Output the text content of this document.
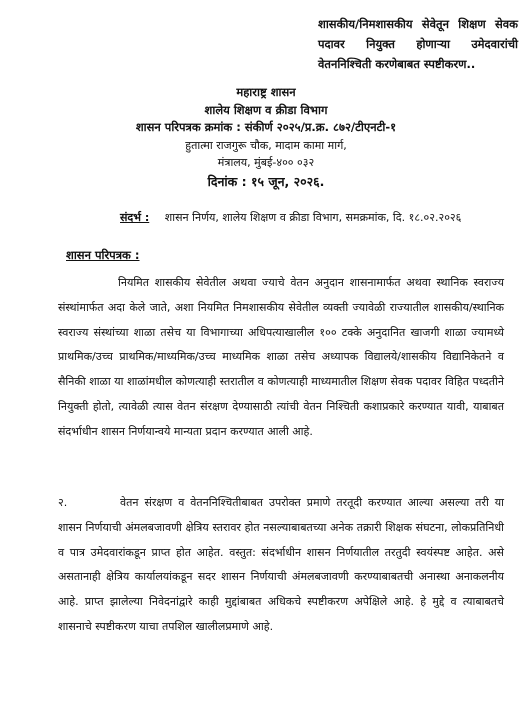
शासकीय/निमशासकीय सेवेतून शिक्षण सेवक पदावर नियुक्त होणाऱ्या उमेदवारांची वेतननिश्चिती करणेबाबत स्पष्टीकरण..
महाराष्ट्र शासन
शालेय शिक्षण व क्रीडा विभाग
शासन परिपत्रक क्रमांक : संकीर्ण २०२५/प्र.क्र. ८७२/टीएनटी-१
हुतात्मा राजगुरू चौक, मादाम कामा मार्ग,
मंत्रालय, मुंबई-४०० ०३२
दिनांक : १५ जून, २०२६.
संदर्भ : शासन निर्णय, शालेय शिक्षण व क्रीडा विभाग, समक्रमांक, दि. १८.०२.२०२६
शासन परिपत्रक :
नियमित शासकीय सेवेतील अथवा ज्याचे वेतन अनुदान शासनामार्फत अथवा स्थानिक स्वराज्य संस्थांमार्फत अदा केले जाते, अशा नियमित निमशासकीय सेवेतील व्यक्ती ज्यावेळी राज्यातील शासकीय/स्थानिक स्वराज्य संस्थांच्या शाळा तसेच या विभागाच्या अधिपत्याखालील १०० टक्के अनुदानित खाजगी शाळा ज्यामध्ये प्राथमिक/उच्च प्राथमिक/माध्यमिक/उच्च माध्यमिक शाळा तसेच अध्यापक विद्यालये/शासकीय विद्यानिकेतने व सैनिकी शाळा या शाळांमधील कोणत्याही स्तरातील व कोणत्याही माध्यमातील शिक्षण सेवक पदावर विहित पध्दतीने नियुक्ती होतो, त्यावेळी त्यास वेतन संरक्षण देण्यासाठी त्यांची वेतन निश्चिती कशाप्रकारे करण्यात यावी, याबाबत संदर्भाधीन शासन निर्णयान्वये मान्यता प्रदान करण्यात आली आहे.
२.	वेतन संरक्षण व वेतननिश्चितीबाबत उपरोक्त प्रमाणे तरतूदी करण्यात आल्या असल्या तरी या शासन निर्णयाची अंमलबजावणी क्षेत्रिय स्तरावर होत नसल्याबाबतच्या अनेक तक्रारी शिक्षक संघटना, लोकप्रतिनिधी व पात्र उमेदवारांकडून प्राप्त होत आहेत. वस्तुत: संदर्भाधीन शासन निर्णयातील तरतुदी स्वयंस्पष्ट आहेत. असे असतानाही क्षेत्रिय कार्यालयांकडून सदर शासन निर्णयाची अंमलबजावणी करण्याबाबतची अनास्था अनाकलनीय आहे. प्राप्त झालेल्या निवेदनांद्वारे काही मुद्दांबाबत अधिकचे स्पष्टीकरण अपेक्षिले आहे. हे मुद्दे व त्याबाबतचे शासनाचे स्पष्टीकरण याचा तपशिल खालीलप्रमाणे आहे.
